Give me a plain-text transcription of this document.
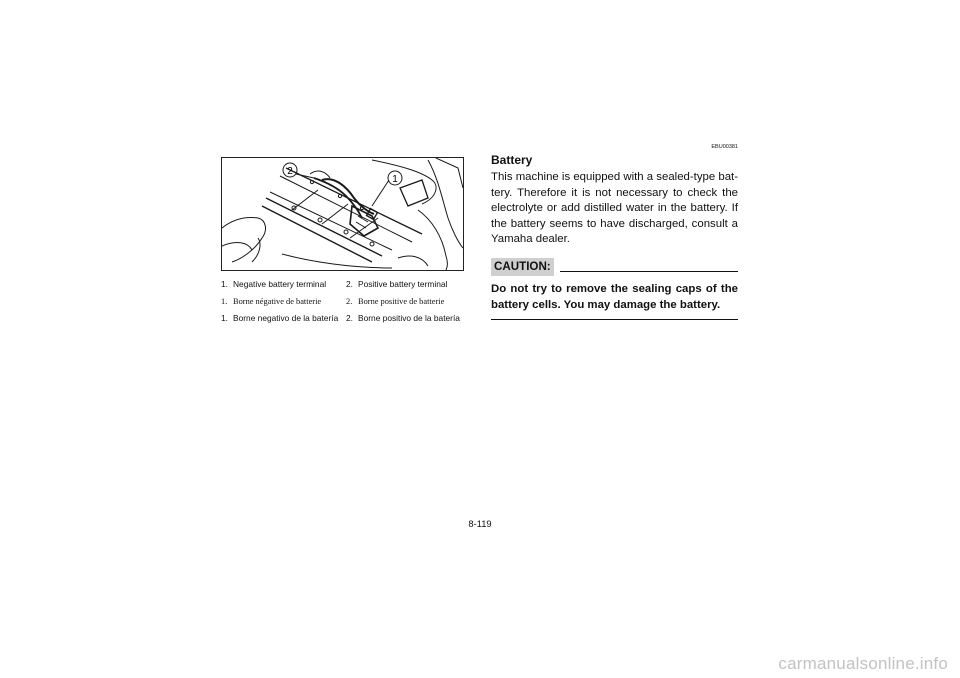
2
1
1. Negative battery terminal	2. Positive battery terminal
1. Borne négative de batterie	2. Borne positive de batterie
1. Borne negativo de la batería 2. Borne positivo de la batería
EBU00381
Battery
This machine is equipped with a sealed-type bat- tery. Therefore it is not necessary to check the electrolyte or add distilled water in the battery. If the battery seems to have discharged, consult a Yamaha dealer.
CAUTION:
Do not try to remove the sealing caps of the battery cells. You may damage the battery.
8-119
carmanualsonline.info
